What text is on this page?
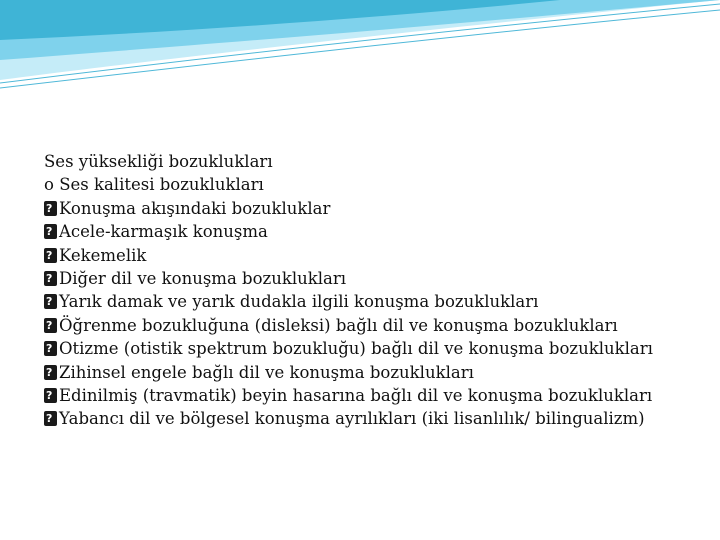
Ses yüksekliği bozuklukları
o Ses kalitesi bozuklukları
?Konuşma akışındaki bozukluklar
?Acele-karmaşık konuşma
?Kekemelik
?Diğer dil ve konuşma bozuklukları
?Yarık damak ve yarık dudakla ilgili konuşma bozuklukları
?Öğrenme bozukluğuna (disleksi) bağlı dil ve konuşma bozuklukları
?Otizme (otistik spektrum bozukluğu) bağlı dil ve konuşma bozuklukları
?Zihinsel engele bağlı dil ve konuşma bozuklukları
?Edinilmiş (travmatik) beyin hasarına bağlı dil ve konuşma bozuklukları
?Yabancı dil ve bölgesel konuşma ayrılıkları (iki lisanlılık/ bilingualizm)
